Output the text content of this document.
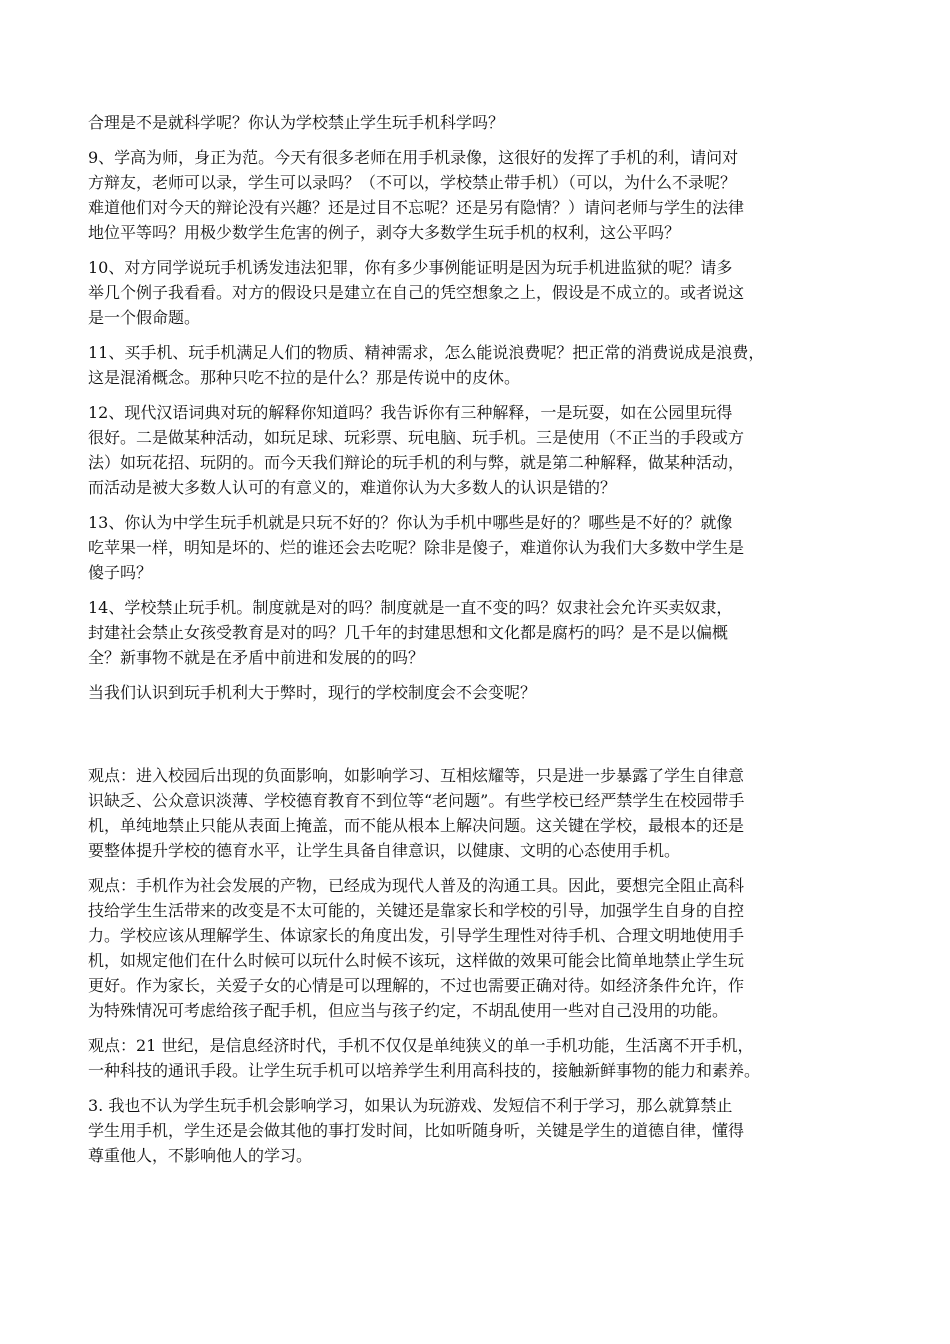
合理是不是就科学呢？你认为学校禁止学生玩手机科学吗？
9、学高为师，身正为范。今天有很多老师在用手机录像，这很好的发挥了手机的利，请问对
方辩友，老师可以录，学生可以录吗？（不可以，学校禁止带手机）（可以，为什么不录呢？
难道他们对今天的辩论没有兴趣？还是过目不忘呢？还是另有隐情？）请问老师与学生的法律
地位平等吗？用极少数学生危害的例子，剥夺大多数学生玩手机的权利，这公平吗？
10、对方同学说玩手机诱发违法犯罪，你有多少事例能证明是因为玩手机进监狱的呢？请多
举几个例子我看看。对方的假设只是建立在自己的凭空想象之上，假设是不成立的。或者说这
是一个假命题。
11、买手机、玩手机满足人们的物质、精神需求，怎么能说浪费呢？把正常的消费说成是浪费，
这是混淆概念。那种只吃不拉的是什么？那是传说中的皮休。
12、现代汉语词典对玩的解释你知道吗？我告诉你有三种解释，一是玩耍，如在公园里玩得
很好。二是做某种活动，如玩足球、玩彩票、玩电脑、玩手机。三是使用（不正当的手段或方
法）如玩花招、玩阴的。而今天我们辩论的玩手机的利与弊，就是第二种解释，做某种活动，
而活动是被大多数人认可的有意义的，难道你认为大多数人的认识是错的？
13、你认为中学生玩手机就是只玩不好的？你认为手机中哪些是好的？哪些是不好的？就像
吃苹果一样，明知是坏的、烂的谁还会去吃呢？除非是傻子，难道你认为我们大多数中学生是
傻子吗？
14、学校禁止玩手机。制度就是对的吗？制度就是一直不变的吗？奴隶社会允许买卖奴隶，
封建社会禁止女孩受教育是对的吗？几千年的封建思想和文化都是腐朽的吗？是不是以偏概
全？新事物不就是在矛盾中前进和发展的的吗？
当我们认识到玩手机利大于弊时，现行的学校制度会不会变呢？
观点：进入校园后出现的负面影响，如影响学习、互相炫耀等，只是进一步暴露了学生自律意
识缺乏、公众意识淡薄、学校德育教育不到位等“老问题”。有些学校已经严禁学生在校园带手
机，单纯地禁止只能从表面上掩盖，而不能从根本上解决问题。这关键在学校，最根本的还是
要整体提升学校的德育水平，让学生具备自律意识，以健康、文明的心态使用手机。
观点：手机作为社会发展的产物，已经成为现代人普及的沟通工具。因此，要想完全阻止高科
技给学生生活带来的改变是不太可能的，关键还是靠家长和学校的引导，加强学生自身的自控
力。学校应该从理解学生、体谅家长的角度出发，引导学生理性对待手机、合理文明地使用手
机，如规定他们在什么时候可以玩什么时候不该玩，这样做的效果可能会比简单地禁止学生玩
更好。作为家长，关爱子女的心情是可以理解的，不过也需要正确对待。如经济条件允许，作
为特殊情况可考虑给孩子配手机，但应当与孩子约定，不胡乱使用一些对自己没用的功能。
观点：21 世纪，是信息经济时代，手机不仅仅是单纯狭义的单一手机功能，生活离不开手机，
一种科技的通讯手段。让学生玩手机可以培养学生利用高科技的，接触新鲜事物的能力和素养。
3. 我也不认为学生玩手机会影响学习，如果认为玩游戏、发短信不利于学习，那么就算禁止
学生用手机，学生还是会做其他的事打发时间，比如听随身听，关键是学生的道德自律，懂得
尊重他人，不影响他人的学习。
